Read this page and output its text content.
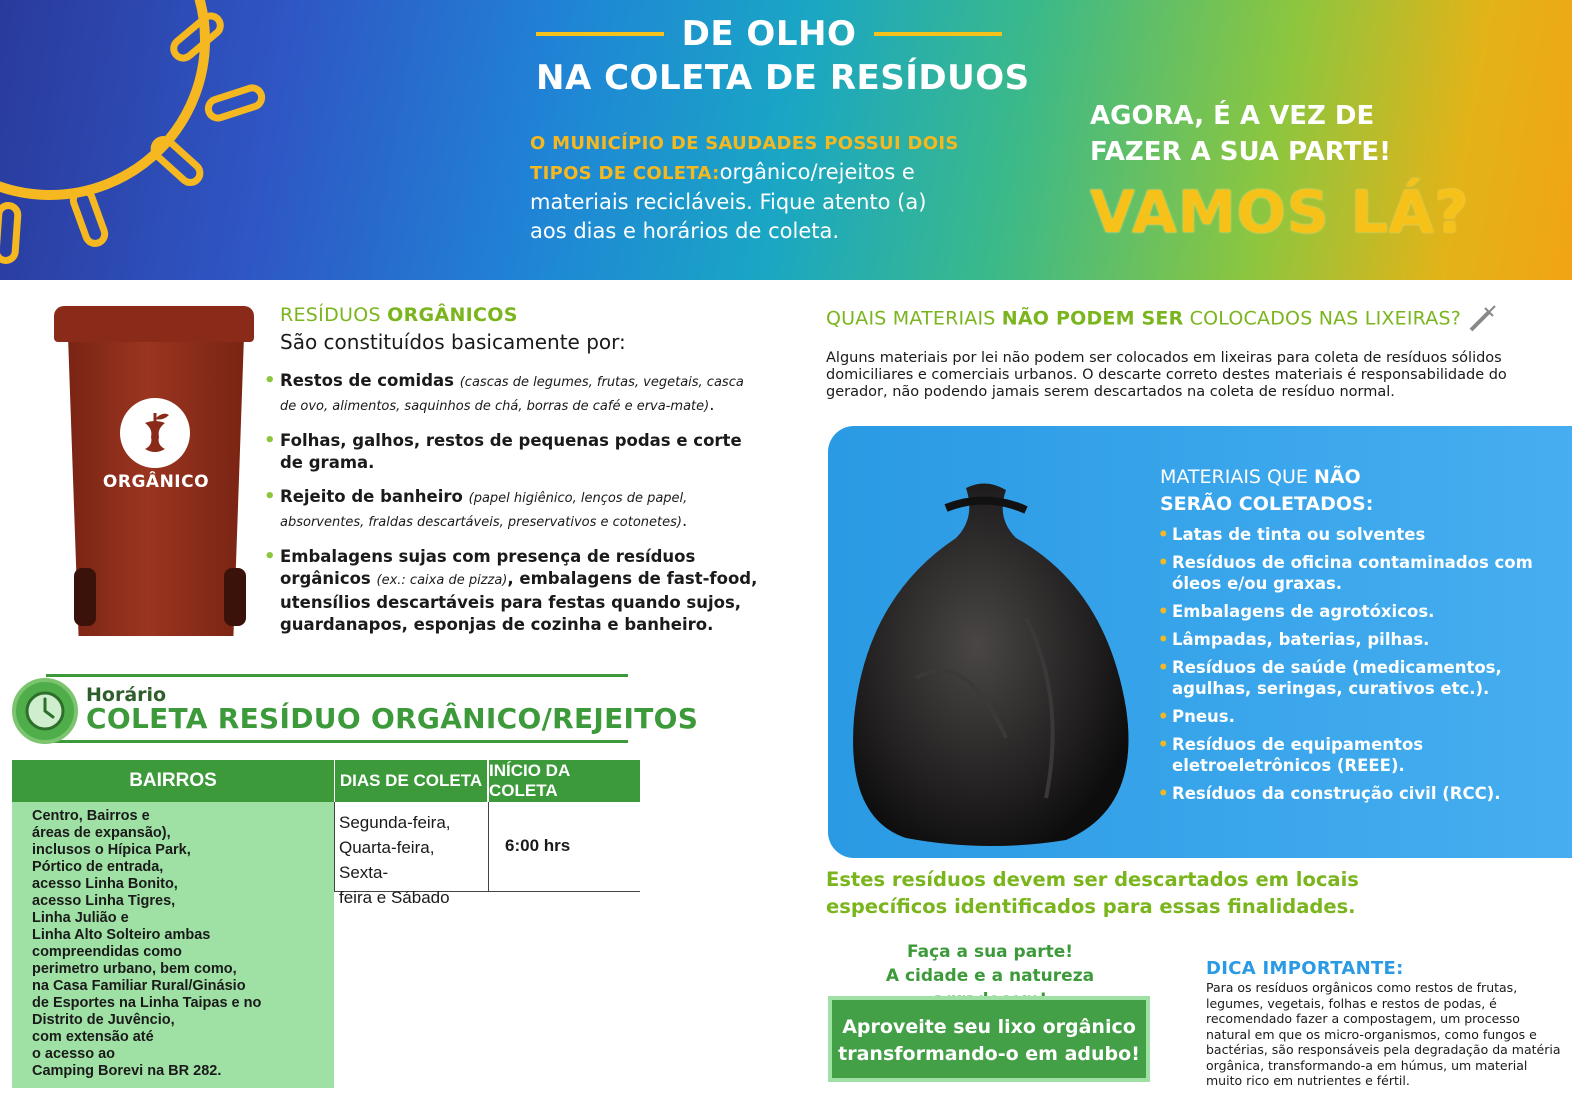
DE OLHO
NA COLETA DE RESÍDUOS
O MUNICÍPIO DE SAUDADES POSSUI DOIS
TIPOS DE COLETA:orgânico/rejeitos e
materiais recicláveis. Fique atento (a)
aos dias e horários de coleta.
AGORA, É A VEZ DE
FAZER A SUA PARTE!
VAMOS LÁ?
ORGÂNICO
RESÍDUOS ORGÂNICOS
São constituídos basicamente por:
• Restos de comidas (cascas de legumes, frutas, vegetais, casca de ovo, alimentos, saquinhos de chá, borras de café e erva-mate).
• Folhas, galhos, restos de pequenas podas e corte de grama.
• Rejeito de banheiro (papel higiênico, lenços de papel, absorventes, fraldas descartáveis, preservativos e cotonetes).
• Embalagens sujas com presença de resíduos orgânicos (ex.: caixa de pizza), embalagens de fast-food, utensílios descartáveis para festas quando sujos, guardanapos, esponjas de cozinha e banheiro.
Horário
COLETA RESÍDUO ORGÂNICO/REJEITOS
BAIRROS	DIAS DE COLETA
INÍCIO DA COLETA
Centro, Bairros e
áreas de expansão),
inclusos o Hípica Park,
Pórtico de entrada,
acesso Linha Bonito,
acesso Linha Tigres,
Linha Julião e
Linha Alto Solteiro ambas
compreendidas como
perimetro urbano, bem como,
na Casa Familiar Rural/Ginásio
de Esportes na Linha Taipas e no
Distrito de Juvêncio,
com extensão até
o acesso ao
Camping Borevi na BR 282.
Segunda-feira,
Quarta-feira, Sexta-
feira e Sábado
6:00 hrs
QUAIS MATERIAIS NÃO PODEM SER COLOCADOS NAS LIXEIRAS?
Alguns materiais por lei não podem ser colocados em lixeiras para coleta de resíduos sólidos domiciliares e comerciais urbanos. O descarte correto destes materiais é responsabilidade do gerador, não podendo jamais serem descartados na coleta de resíduo normal.
MATERIAIS QUE NÃO
SERÃO COLETADOS:
• Latas de tinta ou solventes
• Resíduos de oficina contaminados com óleos e/ou graxas.
• Embalagens de agrotóxicos.
• Lâmpadas, baterias, pilhas.
• Resíduos de saúde (medicamentos, agulhas, seringas, curativos etc.).
• Pneus.
• Resíduos de equipamentos eletroeletrônicos (REEE).
• Resíduos da construção civil (RCC).
Estes resíduos devem ser descartados em locais
específicos identificados para essas finalidades.
Faça a sua parte!
A cidade e a natureza
Aproveite seu lixo orgânico
transformando-o em adubo!
DICA IMPORTANTE:
Para os resíduos orgânicos como restos de frutas, legumes, vegetais, folhas e restos de podas, é recomendado fazer a compostagem, um processo natural em que os micro-organismos, como fungos e bactérias, são responsáveis pela degradação da matéria orgânica, transformando-a em húmus, um material muito rico em nutrientes e fértil.
